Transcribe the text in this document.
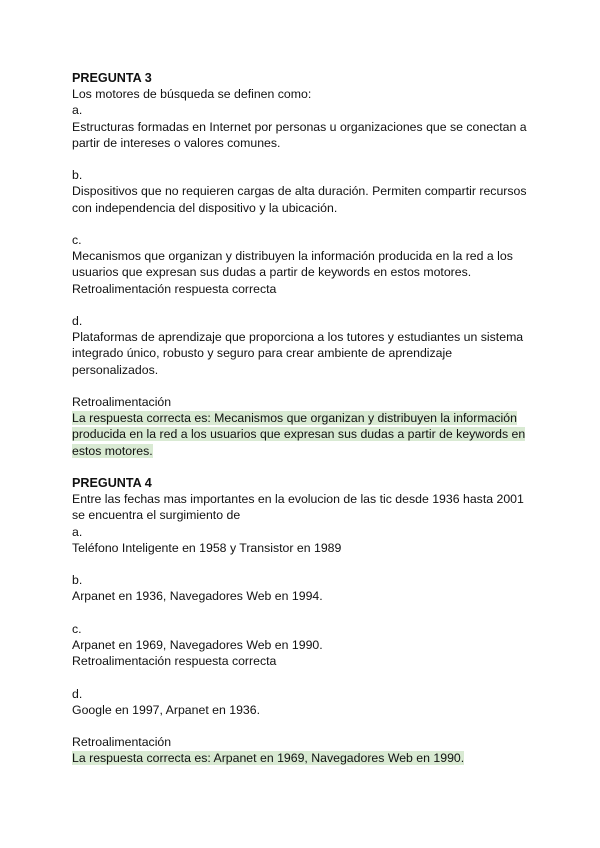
PREGUNTA 3
Los motores de búsqueda se definen como:
a.
Estructuras formadas en Internet por personas u organizaciones que se conectan a
partir de intereses o valores comunes.
b.
Dispositivos que no requieren cargas de alta duración. Permiten compartir recursos
con independencia del dispositivo y la ubicación.
c.
Mecanismos que organizan y distribuyen la información producida en la red a los
usuarios que expresan sus dudas a partir de keywords en estos motores.
Retroalimentación respuesta correcta
d.
Plataformas de aprendizaje que proporciona a los tutores y estudiantes un sistema
integrado único, robusto y seguro para crear ambiente de aprendizaje
personalizados.
Retroalimentación
La respuesta correcta es: Mecanismos que organizan y distribuyen la información
producida en la red a los usuarios que expresan sus dudas a partir de keywords en
estos motores.
PREGUNTA 4
Entre las fechas mas importantes en la evolucion de las tic desde 1936 hasta 2001
se encuentra el surgimiento de
a.
Teléfono Inteligente en 1958 y Transistor en 1989
b.
Arpanet en 1936, Navegadores Web en 1994.
c.
Arpanet en 1969, Navegadores Web en 1990.
Retroalimentación respuesta correcta
d.
Google en 1997, Arpanet en 1936.
Retroalimentación
La respuesta correcta es: Arpanet en 1969, Navegadores Web en 1990.
